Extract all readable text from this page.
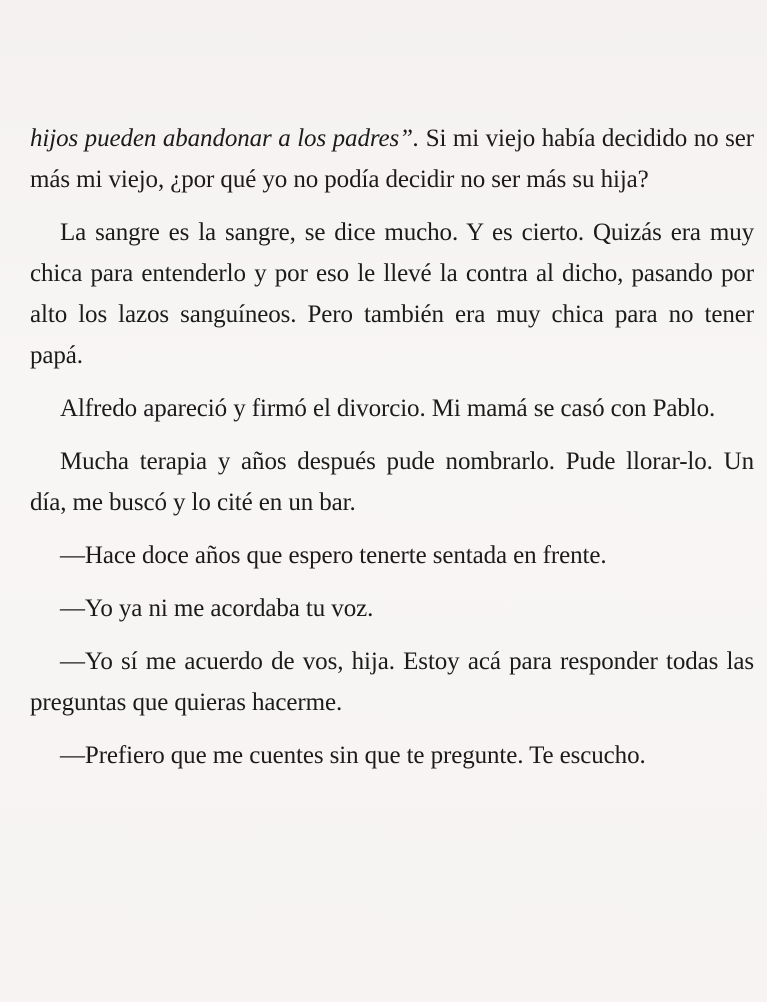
hijos pueden abandonar a los padres”. Si mi viejo había decidido no ser más mi viejo, ¿por qué yo no podía decidir no ser más su hija?

La sangre es la sangre, se dice mucho. Y es cierto. Quizás era muy chica para entenderlo y por eso le llevé la contra al dicho, pasando por alto los lazos sanguíneos. Pero también era muy chica para no tener papá.

Alfredo apareció y firmó el divorcio. Mi mamá se casó con Pablo.

Mucha terapia y años después pude nombrarlo. Pude llorar-lo. Un día, me buscó y lo cité en un bar.

—Hace doce años que espero tenerte sentada en frente.

—Yo ya ni me acordaba tu voz.

—Yo sí me acuerdo de vos, hija. Estoy acá para responder todas las preguntas que quieras hacerme.

—Prefiero que me cuentes sin que te pregunte. Te escucho.
